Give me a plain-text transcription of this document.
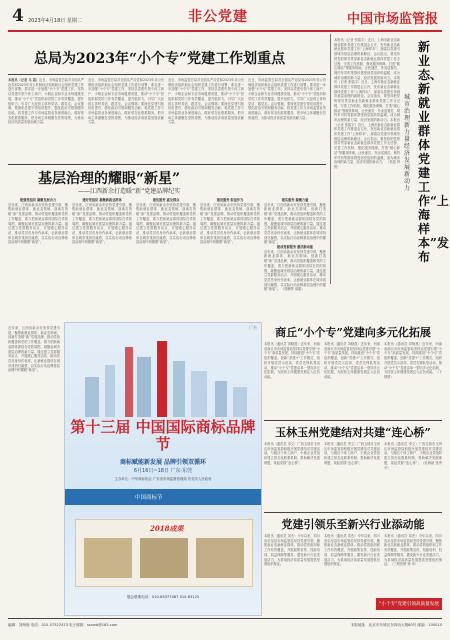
4 2023年4月18日 星期二	非公党建	中国市场监管报
总局为2023年“小个专”党建工作划重点
本报讯（记者 马 超）近日，市场监管总局对全面从严治党和2023年非公有制经济组织和社会组织党建工作进行部署，要求进一步加强“小个专”党建工作，坚持以党建引领个体工商户、小微企业和专业市场健康发展，推动“小个专”党组织和党的工作有效覆盖，提升组织力，引导广大经营主体听党话、跟党走。会议强调，要深化党建引领信用提升，强化政治引领和服务功能，将党建工作与市场监管业务深度融合，做好常态化联系服务，把市场主体凝聚在党的周围，为推动经济高质量发展贡献力量。
近日，市场监管总局对全面从严治党和2023年非公有制经济组织和社会组织党建工作进行部署，要求进一步加强“小个专”党建工作，坚持以党建引领个体工商户、小微企业和专业市场健康发展，推动“小个专”党组织和党的工作有效覆盖，提升组织力，引导广大经营主体听党话、跟党走。会议强调，要深化党建引领信用提升，强化政治引领和服务功能，将党建工作与市场监管业务深度融合，做好常态化联系服务，把市场主体凝聚在党的周围，为推动经济高质量发展贡献力量。
近日，市场监管总局对全面从严治党和2023年非公有制经济组织和社会组织党建工作进行部署，要求进一步加强“小个专”党建工作，坚持以党建引领个体工商户、小微企业和专业市场健康发展，推动“小个专”党组织和党的工作有效覆盖，提升组织力，引导广大经营主体听党话、跟党走。会议强调，要深化党建引领信用提升，强化政治引领和服务功能，将党建工作与市场监管业务深度融合，做好常态化联系服务，把市场主体凝聚在党的周围，为推动经济高质量发展贡献力量。
近日，市场监管总局对全面从严治党和2023年非公有制经济组织和社会组织党建工作进行部署，要求进一步加强“小个专”党建工作，坚持以党建引领个体工商户、小微企业和专业市场健康发展，推动“小个专”党组织和党的工作有效覆盖，提升组织力，引导广大经营主体听党话、跟党走。会议强调，要深化党建引领信用提升，强化政治引领和服务功能，将党建工作与市场监管业务深度融合，做好常态化联系服务，把市场主体凝聚在党的周围，为推动经济高质量发展贡献力量。
新业态、新就业群体党建工作“上海样本”发布
城市治理新力量 经济发展新动力
本报讯（记者 张铭宇）近日，上海市新业态新就业群体党建工作推进会召开，发布新业态新就业群体党建工作“上海样本”，探索以党建引领城市基层治理的新路径。会议指出，要坚持把党的领导贯穿新业态新就业群体党建工作全过程，完善工作机制，强化服务保障，打造“暖心驿站”等服务阵地，让快递员、外卖送餐员、网约车司机等群体感受到党组织的温暖，成为城市治理的新力量、经济发展的新动力。本报讯（记者 张铭宇）近日，上海市新业态新就业群体党建工作推进会召开，发布新业态新就业群体党建工作“上海样本”，探索以党建引领城市基层治理的新路径。会议指出，要坚持把党的领导贯穿新业态新就业群体党建工作全过程，完善工作机制，强化服务保障，打造“暖心驿站”等服务阵地，让快递员、外卖送餐员、网约车司机等群体感受到党组织的温暖，成为城市治理的新力量、经济发展的新动力。本报讯（记者 张铭宇）近日，上海市新业态新就业群体党建工作推进会召开，发布新业态新就业群体党建工作“上海样本”，探索以党建引领城市基层治理的新路径。会议指出，要坚持把党的领导贯穿新业态新就业群体党建工作全过程，完善工作机制，强化服务保障，打造“暖心驿站”等服务阵地，让快递员、外卖送餐员、网约车司机等群体感受到党组织的温暖，成为城市治理的新力量、经济发展的新动力。 （吴铭 钟悦）
基层治理的耀眼“新星”
——江西新余打造暖“新”党建品牌纪实
建强党组织 凝聚发展合力
近年来，江西省新余市坚持党建引领，聚焦新就业群体、新业态领域，创新打造暖“新”党建品牌，推动党组织覆盖和党的工作覆盖，着力把新就业群体团结在党的周围，凝聚起城市基层治理的新力量。通过建立党群服务站点、开展暖心服务活动、推动党员亮身份作表率，让新就业群体在城市找到归属感，以实际行动诠释基层治理中的耀眼“新星”。
建好党组织 凝聚新就业群体
近年来，江西省新余市坚持党建引领，聚焦新就业群体、新业态领域，创新打造暖“新”党建品牌，推动党组织覆盖和党的工作覆盖，着力把新就业群体团结在党的周围，凝聚起城市基层治理的新力量。通过建立党群服务站点、开展暖心服务活动、推动党员亮身份作表率，让新就业群体在城市找到归属感，以实际行动诠释基层治理中的耀眼“新星”。
建优服务 惠及群众
近年来，江西省新余市坚持党建引领，聚焦新就业群体、新业态领域，创新打造暖“新”党建品牌，推动党组织覆盖和党的工作覆盖，着力把新就业群体团结在党的周围，凝聚起城市基层治理的新力量。通过建立党群服务站点、开展暖心服务活动、推动党员亮身份作表率，让新就业群体在城市找到归属感，以实际行动诠释基层治理中的耀眼“新星”。
建设服务 彰显作为
近年来，江西省新余市坚持党建引领，聚焦新就业群体、新业态领域，创新打造暖“新”党建品牌，推动党组织覆盖和党的工作覆盖，着力把新就业群体团结在党的周围，凝聚起城市基层治理的新力量。通过建立党群服务站点、开展暖心服务活动、推动党员亮身份作表率，让新就业群体在城市找到归属感，以实际行动诠释基层治理中的耀眼“新星”。
建实服务 凝聚力量
近年来，江西省新余市坚持党建引领，聚焦新就业群体、新业态领域，创新打造暖“新”党建品牌，推动党组织覆盖和党的工作覆盖，着力把新就业群体团结在党的周围，凝聚起城市基层治理的新力量。通过建立党群服务站点、开展暖心服务活动、推动党员亮身份作表率，让新就业群体在城市找到归属感，以实际行动诠释基层治理中的耀眼“新星”。
建成党群服务 激活新动能
近年来，江西省新余市坚持党建引领，聚焦新就业群体、新业态领域，创新打造暖“新”党建品牌，推动党组织覆盖和党的工作覆盖，着力把新就业群体团结在党的周围，凝聚起城市基层治理的新力量。通过建立党群服务站点、开展暖心服务活动、推动党员亮身份作表率，让新就业群体在城市找到归属感，以实际行动诠释基层治理中的耀眼“新星”。 （胡珊琴 周聪）
广告
第十三届 中国国际商标品牌节
商标赋能新发展 品牌引领双循环
6月16日~18日 广东·东莞
主办单位：中华商标协会 广东省市场监督管理局 东莞市人民政府
中国商标节
2018成果
展会联系电话：010-83377087 010-83125
近年来，江西省新余市坚持党建引领，聚焦新就业群体、新业态领域，创新打造暖“新”党建品牌，推动党组织覆盖和党的工作覆盖，着力把新就业群体团结在党的周围，凝聚起城市基层治理的新力量。通过建立党群服务站点、开展暖心服务活动、推动党员亮身份作表率，让新就业群体在城市找到归属感，以实际行动诠释基层治理中的耀眼“新星”。
商丘“小个专”党建向多元化拓展
本报讯（通讯员 刘晓燕）近年来，河南省商丘市市场监管局坚持以党建引领“小个专”高质量发展，持续推进“小个专”党组织覆盖，创新“党建+”工作模式，组织开展党员示范岗、党员先锋队等活动，推动“小个专”党建由单一型向多元化拓展，为经营主体健康发展注入红色动能。
本报讯（通讯员 刘晓燕）近年来，河南省商丘市市场监管局坚持以党建引领“小个专”高质量发展，持续推进“小个专”党组织覆盖，创新“党建+”工作模式，组织开展党员示范岗、党员先锋队等活动，推动“小个专”党建由单一型向多元化拓展，为经营主体健康发展注入红色动能。
本报讯（通讯员 刘晓燕）近年来，河南省商丘市市场监管局坚持以党建引领“小个专”高质量发展，持续推进“小个专”党组织覆盖，创新“党建+”工作模式，组织开展党员示范岗、党员先锋队等活动，推动“小个专”党建由单一型向多元化拓展，为经营主体健康发展注入红色动能。（卜倩倩）
玉林玉州党建结对共建“连心桥”
本报讯（通讯员 李文）广西玉林市玉州区市场监管局积极开展党建结对共建活动，与辖区个体工商户、小微企业党组织建立常态化联系机制，帮助解决发展难题，架起党群“连心桥”。
本报讯（通讯员 李文）广西玉林市玉州区市场监管局积极开展党建结对共建活动，与辖区个体工商户、小微企业党组织建立常态化联系机制，帮助解决发展难题，架起党群“连心桥”。
本报讯（通讯员 李文）广西玉林市玉州区市场监管局积极开展党建结对共建活动，与辖区个体工商户、小微企业党组织建立常态化联系机制，帮助解决发展难题，架起党群“连心桥”。（吴海斌 张秀平）
党建引领乐至新兴行业添动能
本报讯（通讯员 刘杰）今年以来，四川省乐至县市场监管局坚持党建引领，聚焦新业态新就业群体，推动党的组织和工作有效覆盖，开展政策宣传、技能培训、权益保障等服务，激发新兴行业发展活力，为县域经济高质量发展提供坚强组织保证。
本报讯（通讯员 刘杰）今年以来，四川省乐至县市场监管局坚持党建引领，聚焦新业态新就业群体，推动党的组织和工作有效覆盖，开展政策宣传、技能培训、权益保障等服务，激发新兴行业发展活力，为县域经济高质量发展提供坚强组织保证。
本报讯（通讯员 刘杰）今年以来，四川省乐至县市场监管局坚持党建引领，聚焦新业态新就业群体，推动党的组织和工作有效覆盖，开展政策宣传、技能培训、权益保障等服务，激发新兴行业发展活力，为县域经济高质量发展提供坚强组织保证。（三明营销 杨 申）
“小个专”党建引领高质量发展
编辑：刘海艳 电话：010-57527473 电子邮箱：ssxwb@163.com	本报地址：北京市东城区东四西大街60号 邮编：100010
